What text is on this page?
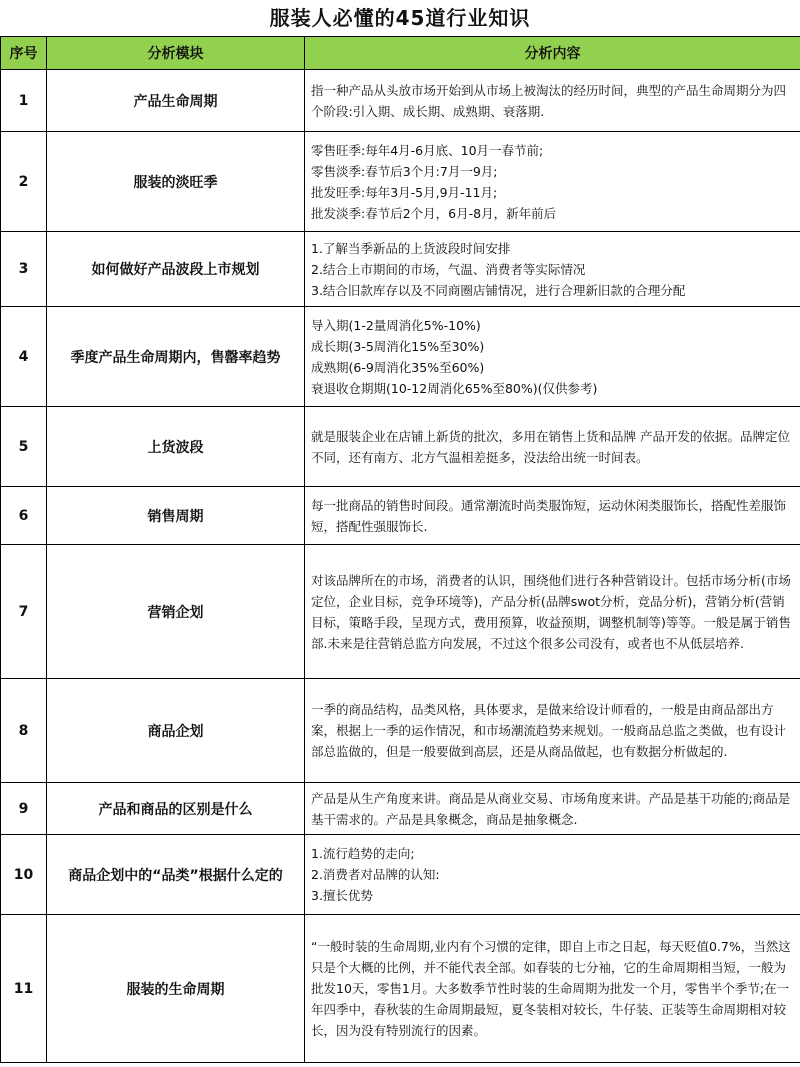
服装人必懂的45道行业知识
序号	分析模块	分析内容
1	产品生命周期	指一种产品从头放市场开始到从市场上被淘汰的经历时间，典型的产品生命周期分为四个阶段:引入期、成长期、成熟期、衰落期.

2	服装的淡旺季	零售旺季:每年4月-6月底、10月一春节前;
零售淡季:春节后3个月:7月一9月;
批发旺季:每年3月-5月,9月-11月;
批发淡季:春节后2个月，6月-8月，新年前后

3	如何做好产品波段上市规划	1.了解当季新品的上货波段时间安排
2.结合上市期间的市场，气温、消费者等实际情况
3.结合旧款库存以及不同商圈店铺情况，进行合理新旧款的合理分配

4	季度产品生命周期内，售罄率趋势	导入期(1-2量周消化5%-10%)
成长期(3-5周消化15%至30%)
成熟期(6-9周消化35%至60%)
衰退收仓期期(10-12周消化65%至80%)(仅供参考)

5	上货波段	就是服装企业在店铺上新货的批次，多用在销售上货和品牌 产品开发的依据。品牌定位不同，还有南方、北方气温相差挺多，没法给出统一时间表。

6	销售周期	每一批商品的销售时间段。通常潮流时尚类服饰短，运动休闲类服饰长，搭配性差服饰短，搭配性强服饰长.

7	营销企划	对该品牌所在的市场，消费者的认识，围绕他们进行各种营销设计。包括市场分析(市场定位，企业目标，竞争环境等)，产品分析(品牌swot分析，竞品分析)，营销分析(营销目标，策略手段，呈现方式，费用预算，收益预期，调整机制等)等等。一般是属于销售部.未来是往营销总监方向发展，不过这个很多公司没有，或者也不从低层培养.

8	商品企划	一季的商品结构，品类风格，具体要求，是做来给设计师看的，一般是由商品部出方案，根据上一季的运作情况，和市场潮流趋势来规划。一般商品总监之类做，也有设计部总监做的，但是一般要做到高层，还是从商品做起，也有数据分析做起的.

9	产品和商品的区别是什么	产品是从生产角度来讲。商品是从商业交易、市场角度来讲。产品是基干功能的;商品是基干需求的。产品是具象概念，商品是抽象概念.

10	商品企划中的“品类”根据什么定的	1.流行趋势的走向;
2.消费者对品牌的认知:
3.擅长优势

11	服装的生命周期	“一般时装的生命周期,业内有个习惯的定律，即自上市之日起，每天贬值0.7%，当然这只是个大概的比例，并不能代表全部。如春装的七分袖，它的生命周期相当短，一般为批发10天，零售1月。大多数季节性时装的生命周期为批发一个月，零售半个季节;在一年四季中，春秋装的生命周期最短，夏冬装相对较长，牛仔装、正装等生命周期相对较长，因为没有特别流行的因素。
